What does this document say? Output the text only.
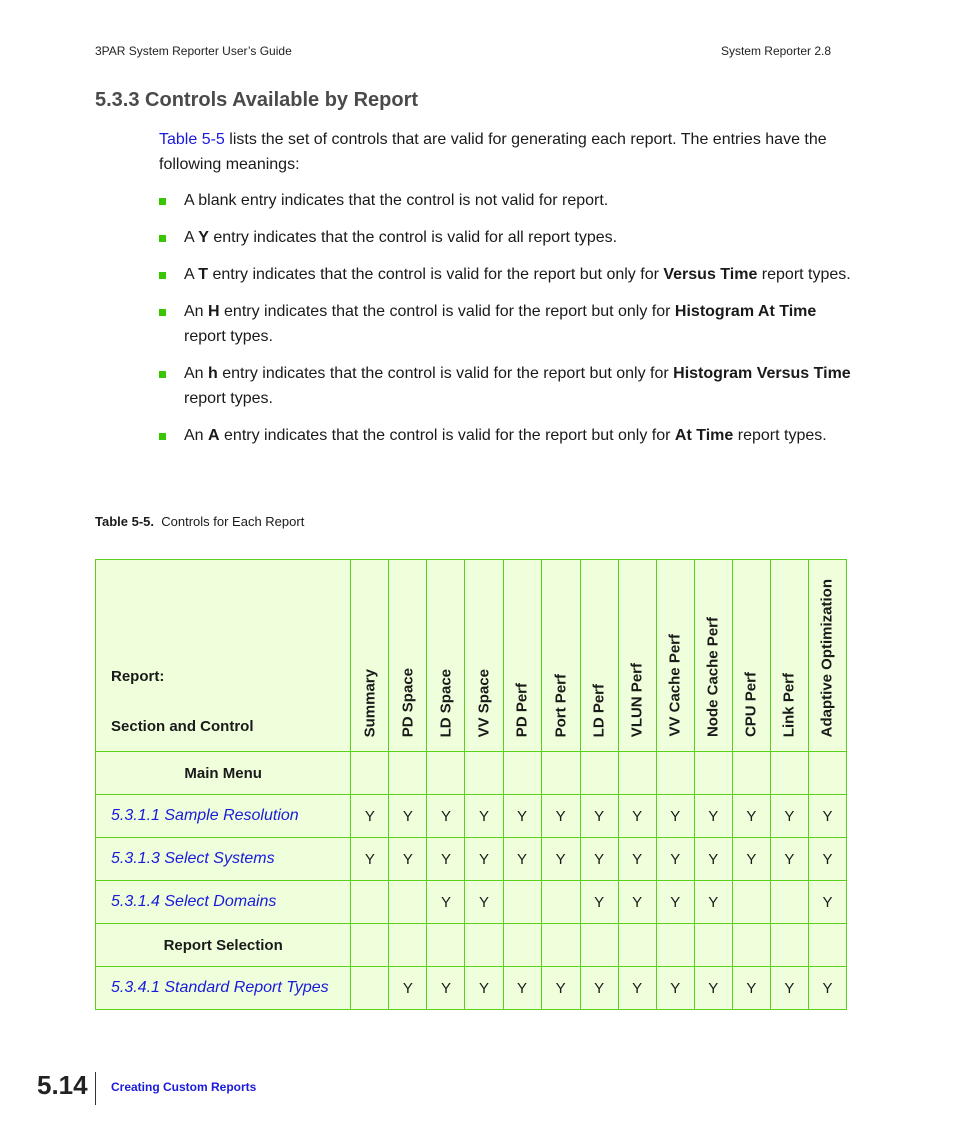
3PAR System Reporter User’s Guide	System Reporter 2.8
5.3.3 Controls Available by Report

Table 5-5 lists the set of controls that are valid for generating each report. The entries have the following meanings:

A blank entry indicates that the control is not valid for report.
A Y entry indicates that the control is valid for all report types.
A T entry indicates that the control is valid for the report but only for Versus Time report types.
An H entry indicates that the control is valid for the report but only for Histogram At Time report types.
An h entry indicates that the control is valid for the report but only for Histogram Versus Time report types.
An A entry indicates that the control is valid for the report but only for At Time report types.
Table 5-5. Controls for Each Report
Report:
Section and Control	Summary	PD Space	LD Space	VV Space	PD Perf	Port Perf	LD Perf	VLUN Perf	VV Cache Perf	Node Cache Perf	CPU Perf	Link Perf	Adaptive Optimization

Main Menu													
5.3.1.1 Sample Resolution	Y	Y	Y	Y	Y	Y	Y	Y	Y	Y	Y	Y	Y
5.3.1.3 Select Systems	Y	Y	Y	Y	Y	Y	Y	Y	Y	Y	Y	Y	Y
5.3.1.4 Select Domains			Y	Y			Y	Y	Y	Y			Y
Report Selection													
5.3.4.1 Standard Report Types		Y	Y	Y	Y	Y	Y	Y	Y	Y	Y	Y	Y
5.14 Creating Custom Reports
